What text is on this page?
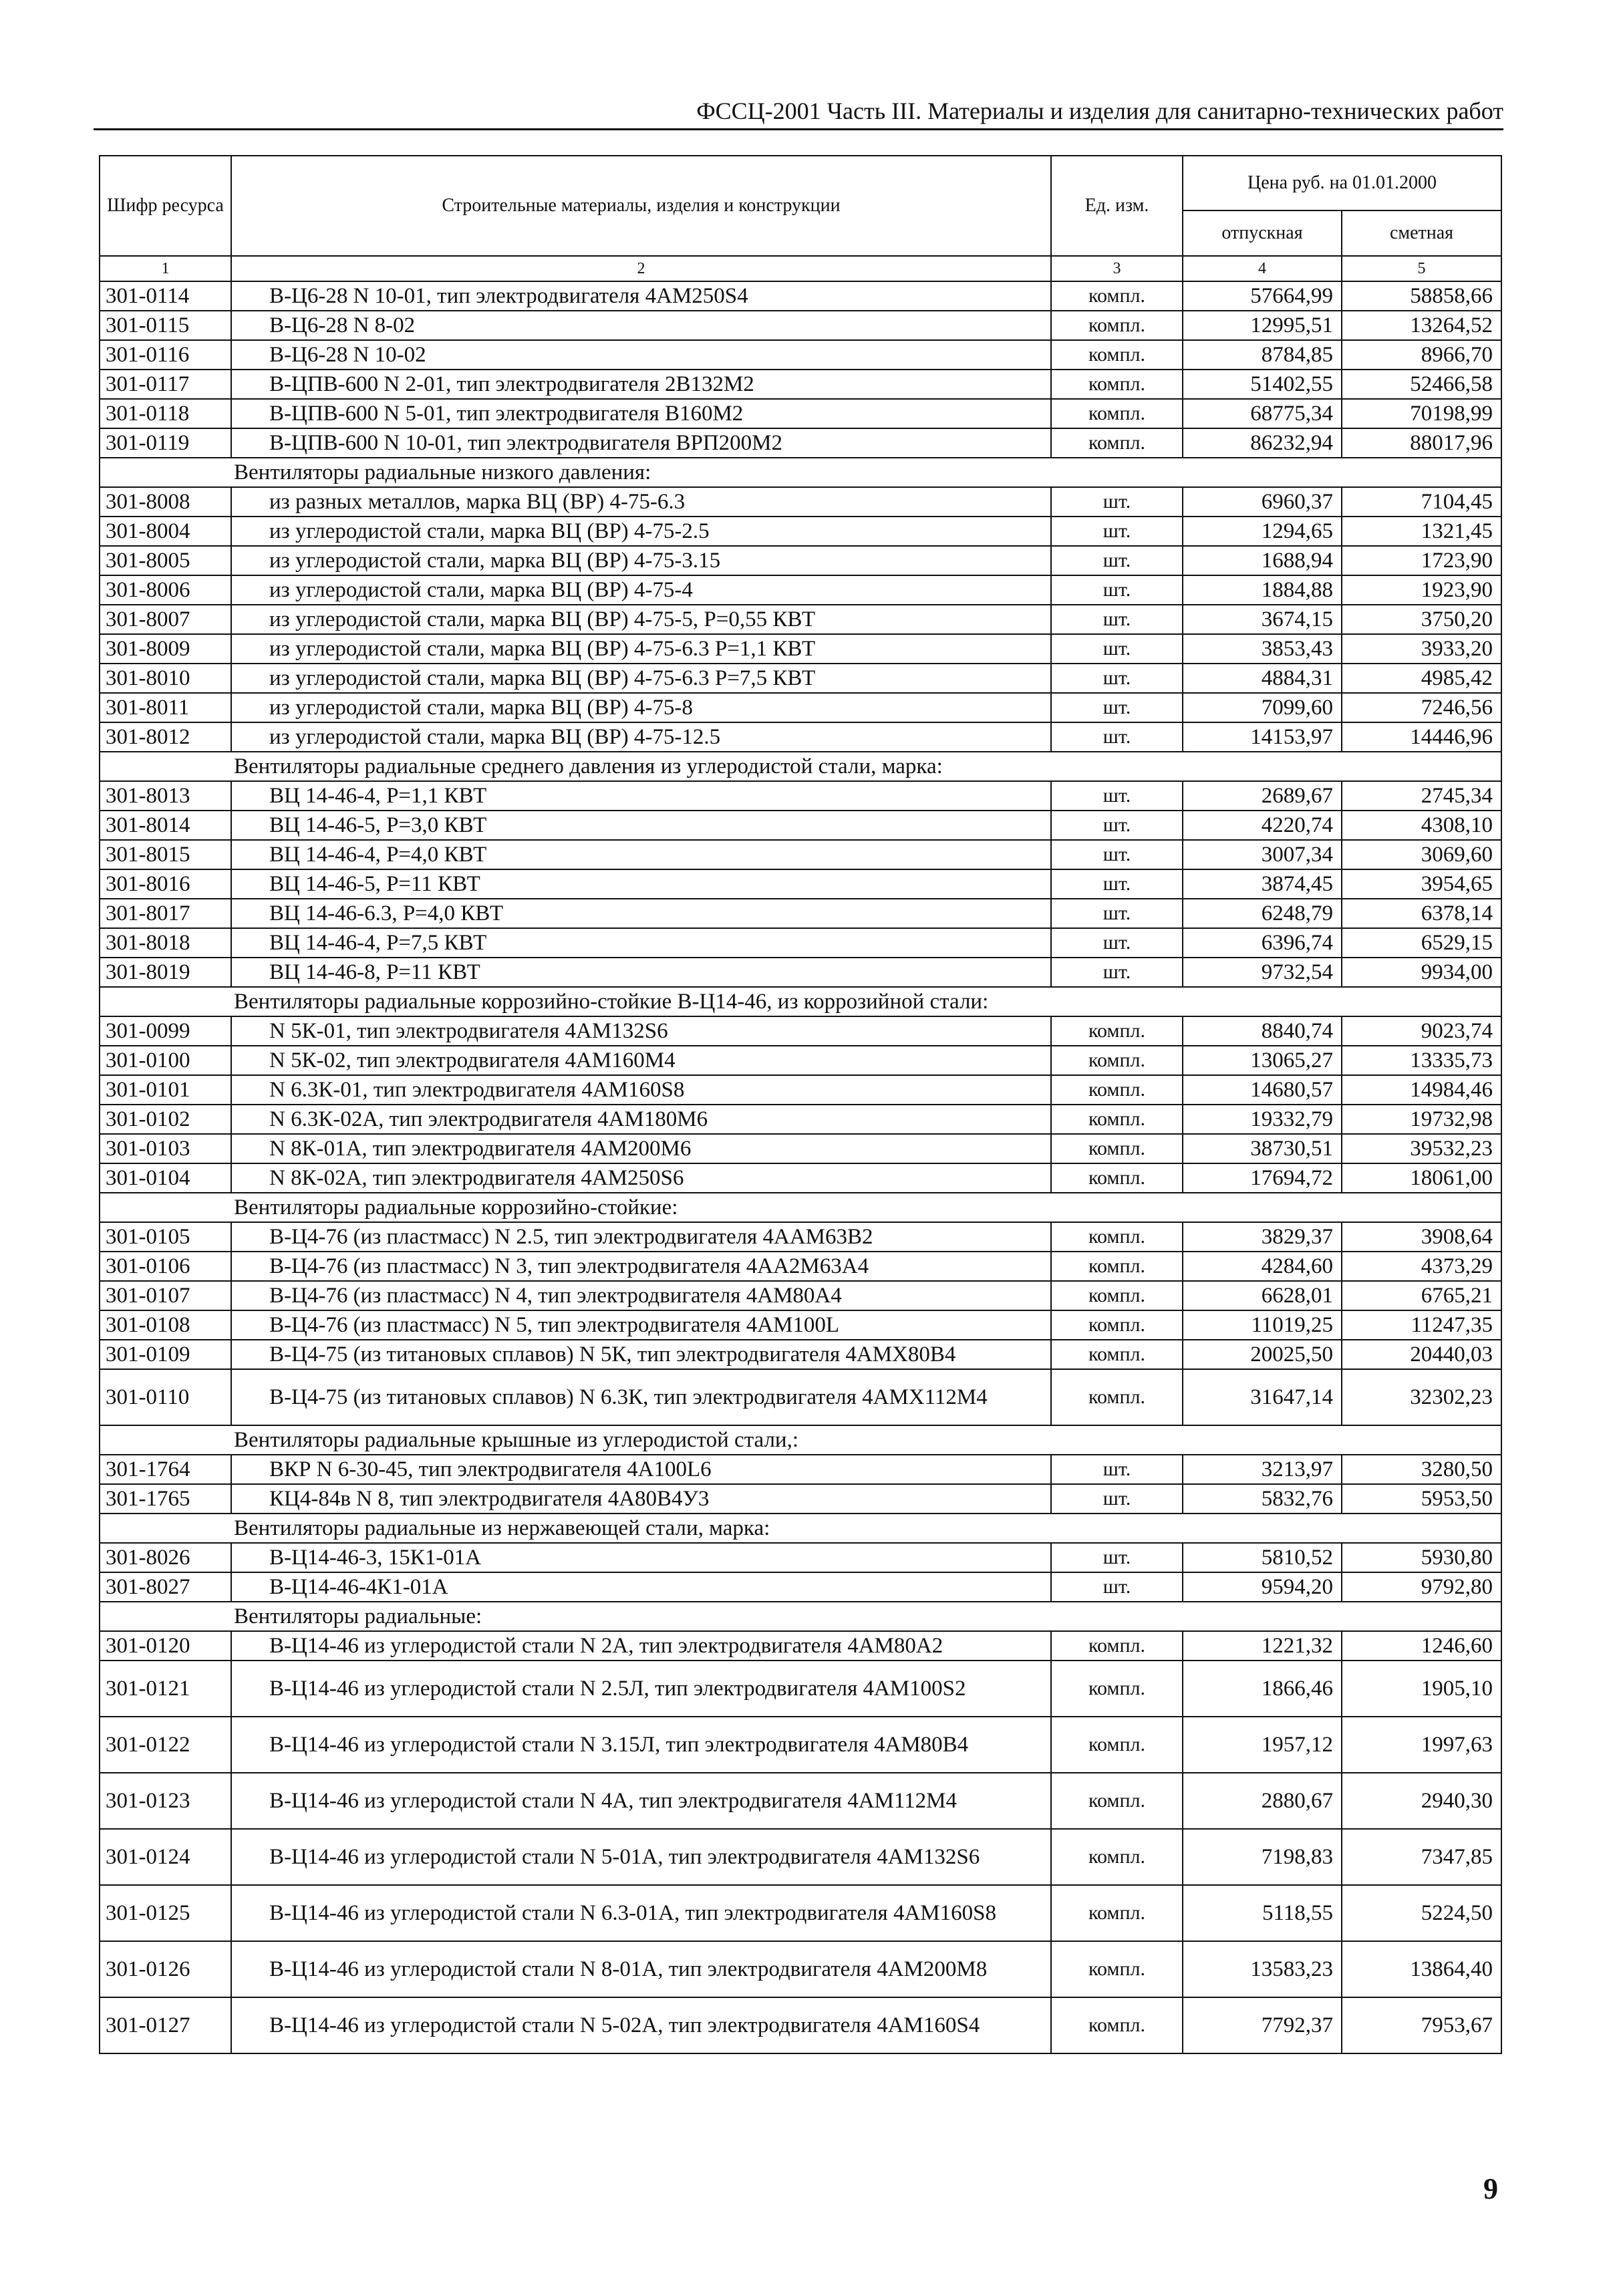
ФССЦ-2001 Часть III. Материалы и изделия для санитарно-технических работ
Шифр ресурса	Строительные материалы, изделия и конструкции	Ед. изм.	Цена руб. на 01.01.2000	
			отпускная	сметная
1	2	3	4	5
301-0114	В-Ц6-28 N 10-01, тип электродвигателя 4АМ250S4	компл.	57664,99	58858,66
301-0115	В-Ц6-28 N 8-02	компл.	12995,51	13264,52
301-0116	В-Ц6-28 N 10-02	компл.	8784,85	8966,70
301-0117	В-ЦПВ-600 N 2-01, тип электродвигателя 2В132М2	компл.	51402,55	52466,58
301-0118	В-ЦПВ-600 N 5-01, тип электродвигателя В160М2	компл.	68775,34	70198,99
301-0119	В-ЦПВ-600 N 10-01, тип электродвигателя ВРП200М2	компл.	86232,94	88017,96
Вентиляторы радиальные низкого давления:				
301-8008	из разных металлов, марка ВЦ (ВР) 4-75-6.3	шт.	6960,37	7104,45
301-8004	из углеродистой стали, марка ВЦ (ВР) 4-75-2.5	шт.	1294,65	1321,45
301-8005	из углеродистой стали, марка ВЦ (ВР) 4-75-3.15	шт.	1688,94	1723,90
301-8006	из углеродистой стали, марка ВЦ (ВР) 4-75-4	шт.	1884,88	1923,90
301-8007	из углеродистой стали, марка ВЦ (ВР) 4-75-5, Р=0,55 КВТ	шт.	3674,15	3750,20
301-8009	из углеродистой стали, марка ВЦ (ВР) 4-75-6.3 Р=1,1 КВТ	шт.	3853,43	3933,20
301-8010	из углеродистой стали, марка ВЦ (ВР) 4-75-6.3 Р=7,5 КВТ	шт.	4884,31	4985,42
301-8011	из углеродистой стали, марка ВЦ (ВР) 4-75-8	шт.	7099,60	7246,56
301-8012	из углеродистой стали, марка ВЦ (ВР) 4-75-12.5	шт.	14153,97	14446,96
Вентиляторы радиальные среднего давления из углеродистой стали, марка:				
301-8013	ВЦ 14-46-4, Р=1,1 КВТ	шт.	2689,67	2745,34
301-8014	ВЦ 14-46-5, Р=3,0 КВТ	шт.	4220,74	4308,10
301-8015	ВЦ 14-46-4, Р=4,0 КВТ	шт.	3007,34	3069,60
301-8016	ВЦ 14-46-5, Р=11 КВТ	шт.	3874,45	3954,65
301-8017	ВЦ 14-46-6.3, Р=4,0 КВТ	шт.	6248,79	6378,14
301-8018	ВЦ 14-46-4, Р=7,5 КВТ	шт.	6396,74	6529,15
301-8019	ВЦ 14-46-8, Р=11 КВТ	шт.	9732,54	9934,00
Вентиляторы радиальные коррозийно-стойкие В-Ц14-46, из коррозийной стали:				
301-0099	N 5К-01, тип электродвигателя 4АМ132S6	компл.	8840,74	9023,74
301-0100	N 5К-02, тип электродвигателя 4АМ160М4	компл.	13065,27	13335,73
301-0101	N 6.3К-01, тип электродвигателя 4АМ160S8	компл.	14680,57	14984,46
301-0102	N 6.3К-02А, тип электродвигателя 4АМ180М6	компл.	19332,79	19732,98
301-0103	N 8К-01А, тип электродвигателя 4АМ200М6	компл.	38730,51	39532,23
301-0104	N 8К-02А, тип электродвигателя 4АМ250S6	компл.	17694,72	18061,00
Вентиляторы радиальные коррозийно-стойкие:				
301-0105	В-Ц4-76 (из пластмасс) N 2.5, тип электродвигателя 4ААМ63В2	компл.	3829,37	3908,64
301-0106	В-Ц4-76 (из пластмасс) N 3, тип электродвигателя 4АА2М63А4	компл.	4284,60	4373,29
301-0107	В-Ц4-76 (из пластмасс) N 4, тип электродвигателя 4АМ80А4	компл.	6628,01	6765,21
301-0108	В-Ц4-76 (из пластмасс) N 5, тип электродвигателя 4АМ100L	компл.	11019,25	11247,35
301-0109	В-Ц4-75 (из титановых сплавов) N 5К, тип электродвигателя 4АМХ80В4	компл.	20025,50	20440,03
301-0110	В-Ц4-75 (из титановых сплавов) N 6.3К, тип электродвигателя 4АМХ112М4	компл.	31647,14	32302,23
Вентиляторы радиальные крышные из углеродистой стали,:				
301-1764	ВКР N 6-30-45, тип электродвигателя 4А100L6	шт.	3213,97	3280,50
301-1765	КЦ4-84в N 8, тип электродвигателя 4А80В4У3	шт.	5832,76	5953,50
Вентиляторы радиальные из нержавеющей стали, марка:				
301-8026	В-Ц14-46-3, 15К1-01А	шт.	5810,52	5930,80
301-8027	В-Ц14-46-4К1-01А	шт.	9594,20	9792,80
Вентиляторы радиальные:				
301-0120	В-Ц14-46 из углеродистой стали N 2А, тип электродвигателя 4АМ80А2	компл.	1221,32	1246,60
301-0121	В-Ц14-46 из углеродистой стали N 2.5Л, тип электродвигателя 4АМ100S2	компл.	1866,46	1905,10
301-0122	В-Ц14-46 из углеродистой стали N 3.15Л, тип электродвигателя 4АМ80В4	компл.	1957,12	1997,63
301-0123	В-Ц14-46 из углеродистой стали N 4А, тип электродвигателя 4АМ112М4	компл.	2880,67	2940,30
301-0124	В-Ц14-46 из углеродистой стали N 5-01А, тип электродвигателя 4АМ132S6	компл.	7198,83	7347,85
301-0125	В-Ц14-46 из углеродистой стали N 6.3-01А, тип электродвигателя 4АМ160S8	компл.	5118,55	5224,50
301-0126	В-Ц14-46 из углеродистой стали N 8-01А, тип электродвигателя 4АМ200М8	компл.	13583,23	13864,40
301-0127	В-Ц14-46 из углеродистой стали N 5-02А, тип электродвигателя 4АМ160S4	компл.	7792,37	7953,67
9
